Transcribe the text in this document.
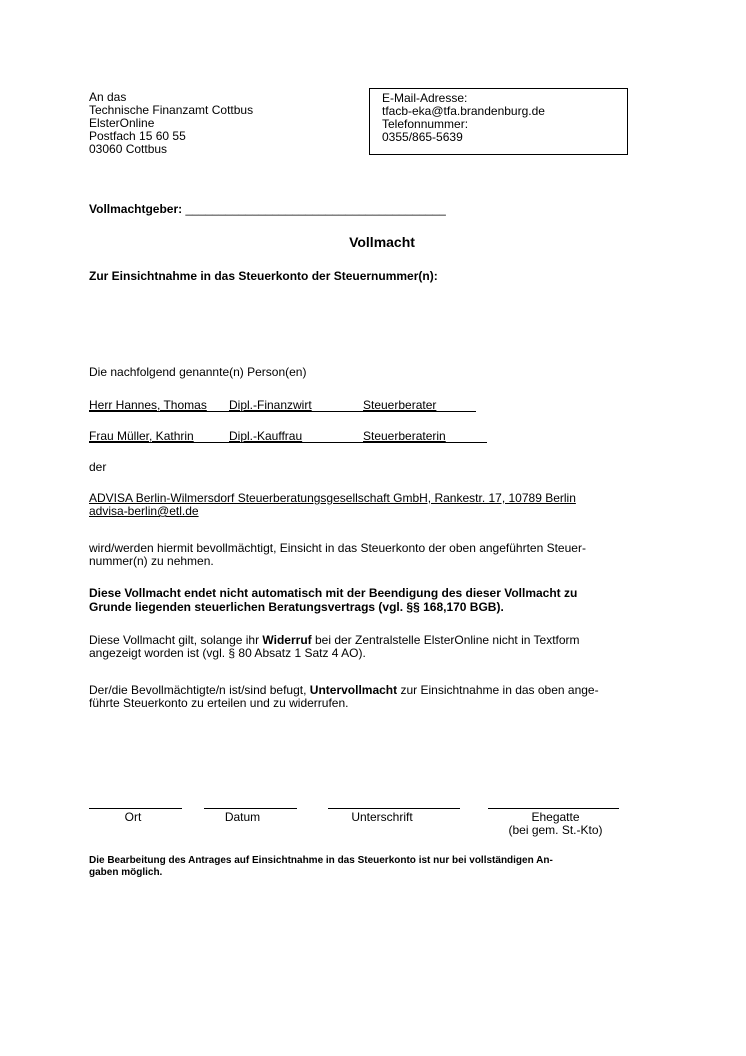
An das
Technische Finanzamt Cottbus
ElsterOnline
Postfach 15 60 55
03060 Cottbus
E-Mail-Adresse:
tfacb-eka@tfa.brandenburg.de
Telefonnummer:
0355/865-5639
Vollmachtgeber: _______________________________________
Vollmacht
Zur Einsichtnahme in das Steuerkonto der Steuernummer(n):
Die nachfolgend genannte(n) Person(en)
Herr Hannes, Thomas	Dipl.-Finanzwirt	Steuerberater
Frau Müller, Kathrin	Dipl.-Kauffrau	Steuerberaterin
der
ADVISA Berlin-Wilmersdorf Steuerberatungsgesellschaft GmbH, Rankestr. 17, 10789 Berlin
advisa-berlin@etl.de
wird/werden hiermit bevollmächtigt, Einsicht in das Steuerkonto der oben angeführten Steuer-
nummer(n) zu nehmen.
Diese Vollmacht endet nicht automatisch mit der Beendigung des dieser Vollmacht zu
Grunde liegenden steuerlichen Beratungsvertrags (vgl. §§ 168,170 BGB).
Diese Vollmacht gilt, solange ihr Widerruf bei der Zentralstelle ElsterOnline nicht in Textform
angezeigt worden ist (vgl. § 80 Absatz 1 Satz 4 AO).
Der/die Bevollmächtigte/n ist/sind befugt, Untervollmacht zur Einsichtnahme in das oben ange-
führte Steuerkonto zu erteilen und zu widerrufen.
Ort	Datum	Unterschrift	Ehegatte
(bei gem. St.-Kto)
Die Bearbeitung des Antrages auf Einsichtnahme in das Steuerkonto ist nur bei vollständigen An-
gaben möglich.
